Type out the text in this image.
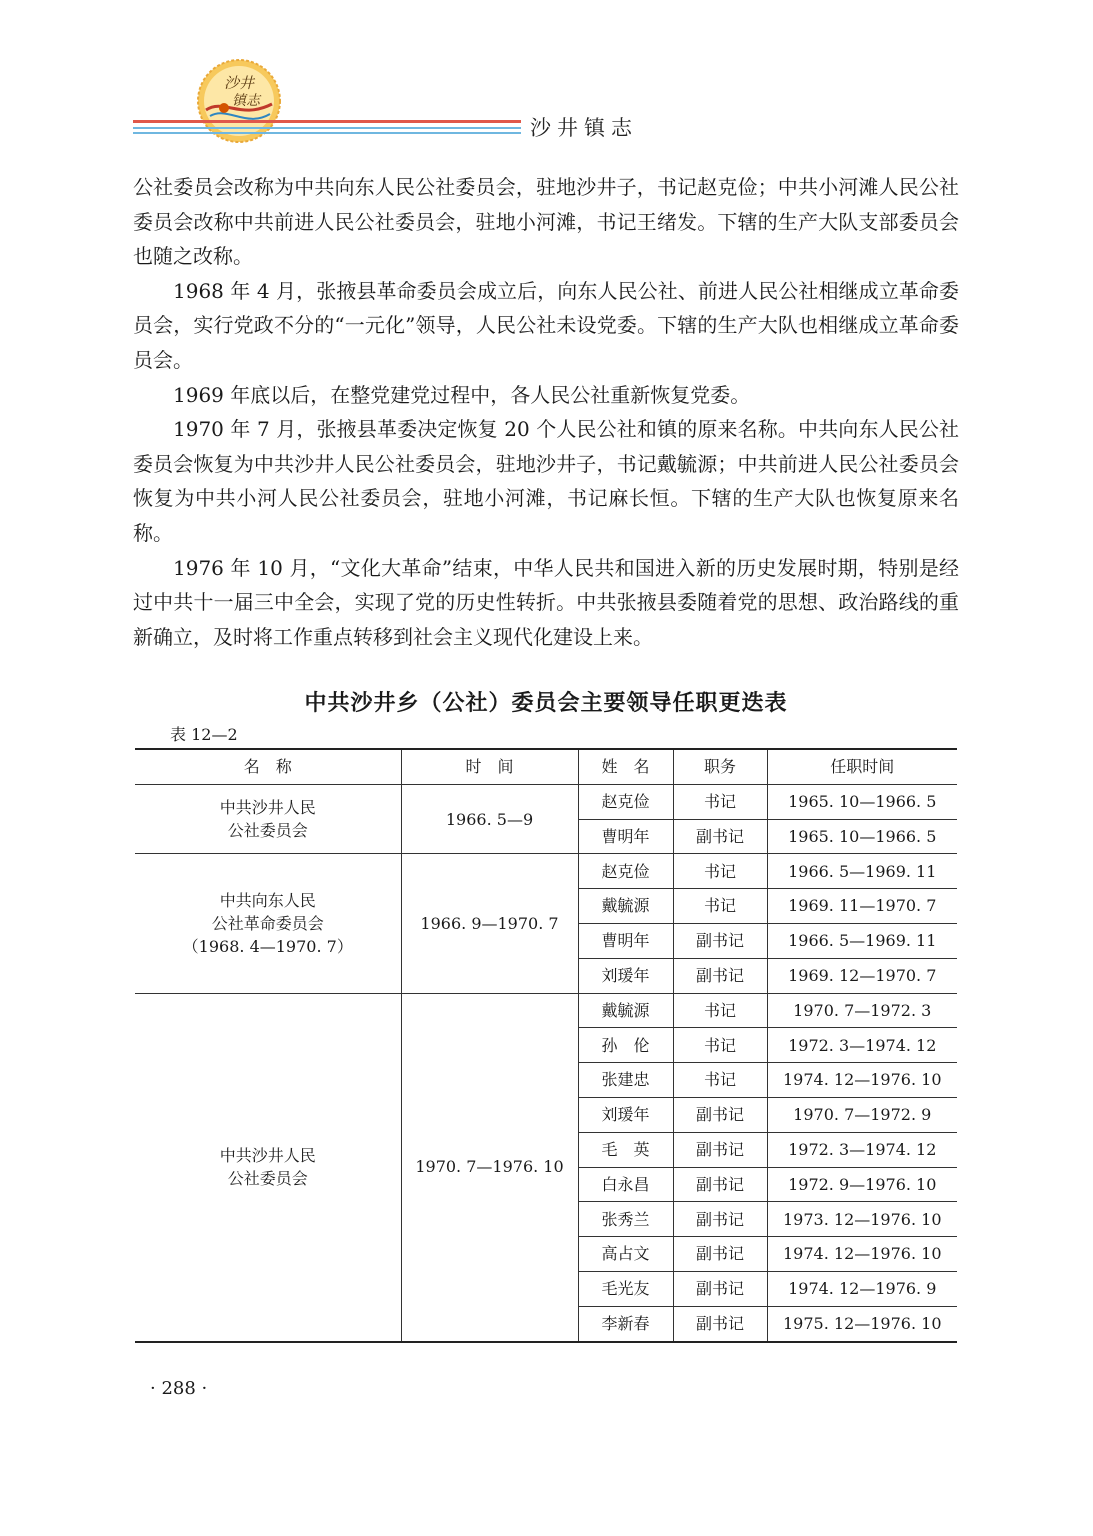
沙井
镇志
沙井镇志

公社委员会改称为中共向东人民公社委员会，驻地沙井子，书记赵克俭；中共小河滩人民公社委员会改称中共前进人民公社委员会，驻地小河滩，书记王绪发。下辖的生产大队支部委员会也随之改称。

1968 年 4 月，张掖县革命委员会成立后，向东人民公社、前进人民公社相继成立革命委员会，实行党政不分的“一元化”领导，人民公社未设党委。下辖的生产大队也相继成立革命委员会。

1969 年底以后，在整党建党过程中，各人民公社重新恢复党委。

1970 年 7 月，张掖县革委决定恢复 20 个人民公社和镇的原来名称。中共向东人民公社委员会恢复为中共沙井人民公社委员会，驻地沙井子，书记戴毓源；中共前进人民公社委员会恢复为中共小河人民公社委员会，驻地小河滩，书记麻长恒。下辖的生产大队也恢复原来名称。

1976 年 10 月，“文化大革命”结束，中华人民共和国进入新的历史发展时期，特别是经过中共十一届三中全会，实现了党的历史性转折。中共张掖县委随着党的思想、政治路线的重新确立，及时将工作重点转移到社会主义现代化建设上来。

中共沙井乡（公社）委员会主要领导任职更迭表
表 12—2
名　称	时　间	姓　名	职务	任职时间
中共沙井人民
公社委员会	1966. 5—9	赵克俭	书记	1965. 10—1966. 5
		曹明年	副书记	1965. 10—1966. 5
中共向东人民
公社革命委员会
（1968. 4—1970. 7）	1966. 9—1970. 7	赵克俭	书记	1966. 5—1969. 11
		戴毓源	书记	1969. 11—1970. 7
		曹明年	副书记	1966. 5—1969. 11
		刘瑗年	副书记	1969. 12—1970. 7
中共沙井人民
公社委员会	1970. 7—1976. 10	戴毓源	书记	1970. 7—1972. 3
		孙　伦	书记	1972. 3—1974. 12
		张建忠	书记	1974. 12—1976. 10
		刘瑗年	副书记	1970. 7—1972. 9
		毛　英	副书记	1972. 3—1974. 12
		白永昌	副书记	1972. 9—1976. 10
		张秀兰	副书记	1973. 12—1976. 10
		高占文	副书记	1974. 12—1976. 10
		毛光友	副书记	1974. 12—1976. 9
		李新春	副书记	1975. 12—1976. 10
· 288 ·
